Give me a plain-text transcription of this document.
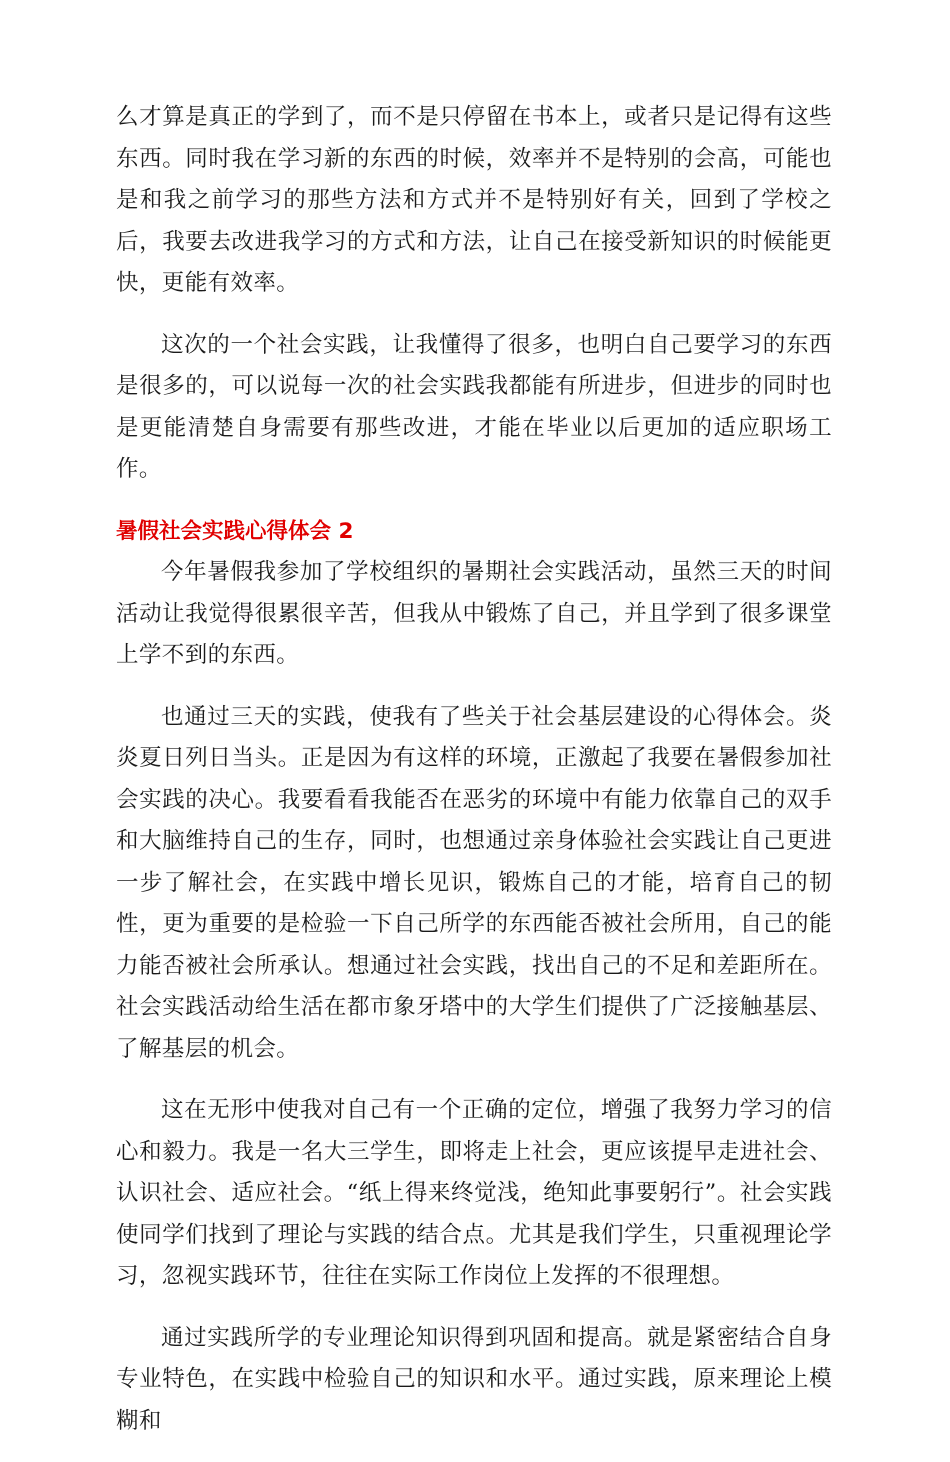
么才算是真正的学到了，而不是只停留在书本上，或者只是记得有这些东西。同时我在学习新的东西的时候，效率并不是特别的会高，可能也是和我之前学习的那些方法和方式并不是特别好有关，回到了学校之后，我要去改进我学习的方式和方法，让自己在接受新知识的时候能更快，更能有效率。

这次的一个社会实践，让我懂得了很多，也明白自己要学习的东西是很多的，可以说每一次的社会实践我都能有所进步，但进步的同时也是更能清楚自身需要有那些改进，才能在毕业以后更加的适应职场工作。

暑假社会实践心得体会 2

今年暑假我参加了学校组织的暑期社会实践活动，虽然三天的时间活动让我觉得很累很辛苦，但我从中锻炼了自己，并且学到了很多课堂上学不到的东西。

也通过三天的实践，使我有了些关于社会基层建设的心得体会。炎炎夏日列日当头。正是因为有这样的环境，正激起了我要在暑假参加社会实践的决心。我要看看我能否在恶劣的环境中有能力依靠自己的双手和大脑维持自己的生存，同时，也想通过亲身体验社会实践让自己更进一步了解社会，在实践中增长见识，锻炼自己的才能，培育自己的韧性，更为重要的是检验一下自己所学的东西能否被社会所用，自己的能力能否被社会所承认。想通过社会实践，找出自己的不足和差距所在。社会实践活动给生活在都市象牙塔中的大学生们提供了广泛接触基层、了解基层的机会。

这在无形中使我对自己有一个正确的定位，增强了我努力学习的信心和毅力。我是一名大三学生，即将走上社会，更应该提早走进社会、认识社会、适应社会。“纸上得来终觉浅，绝知此事要躬行”。社会实践使同学们找到了理论与实践的结合点。尤其是我们学生，只重视理论学习，忽视实践环节，往往在实际工作岗位上发挥的不很理想。

通过实践所学的专业理论知识得到巩固和提高。就是紧密结合自身专业特色，在实践中检验自己的知识和水平。通过实践，原来理论上模糊和
